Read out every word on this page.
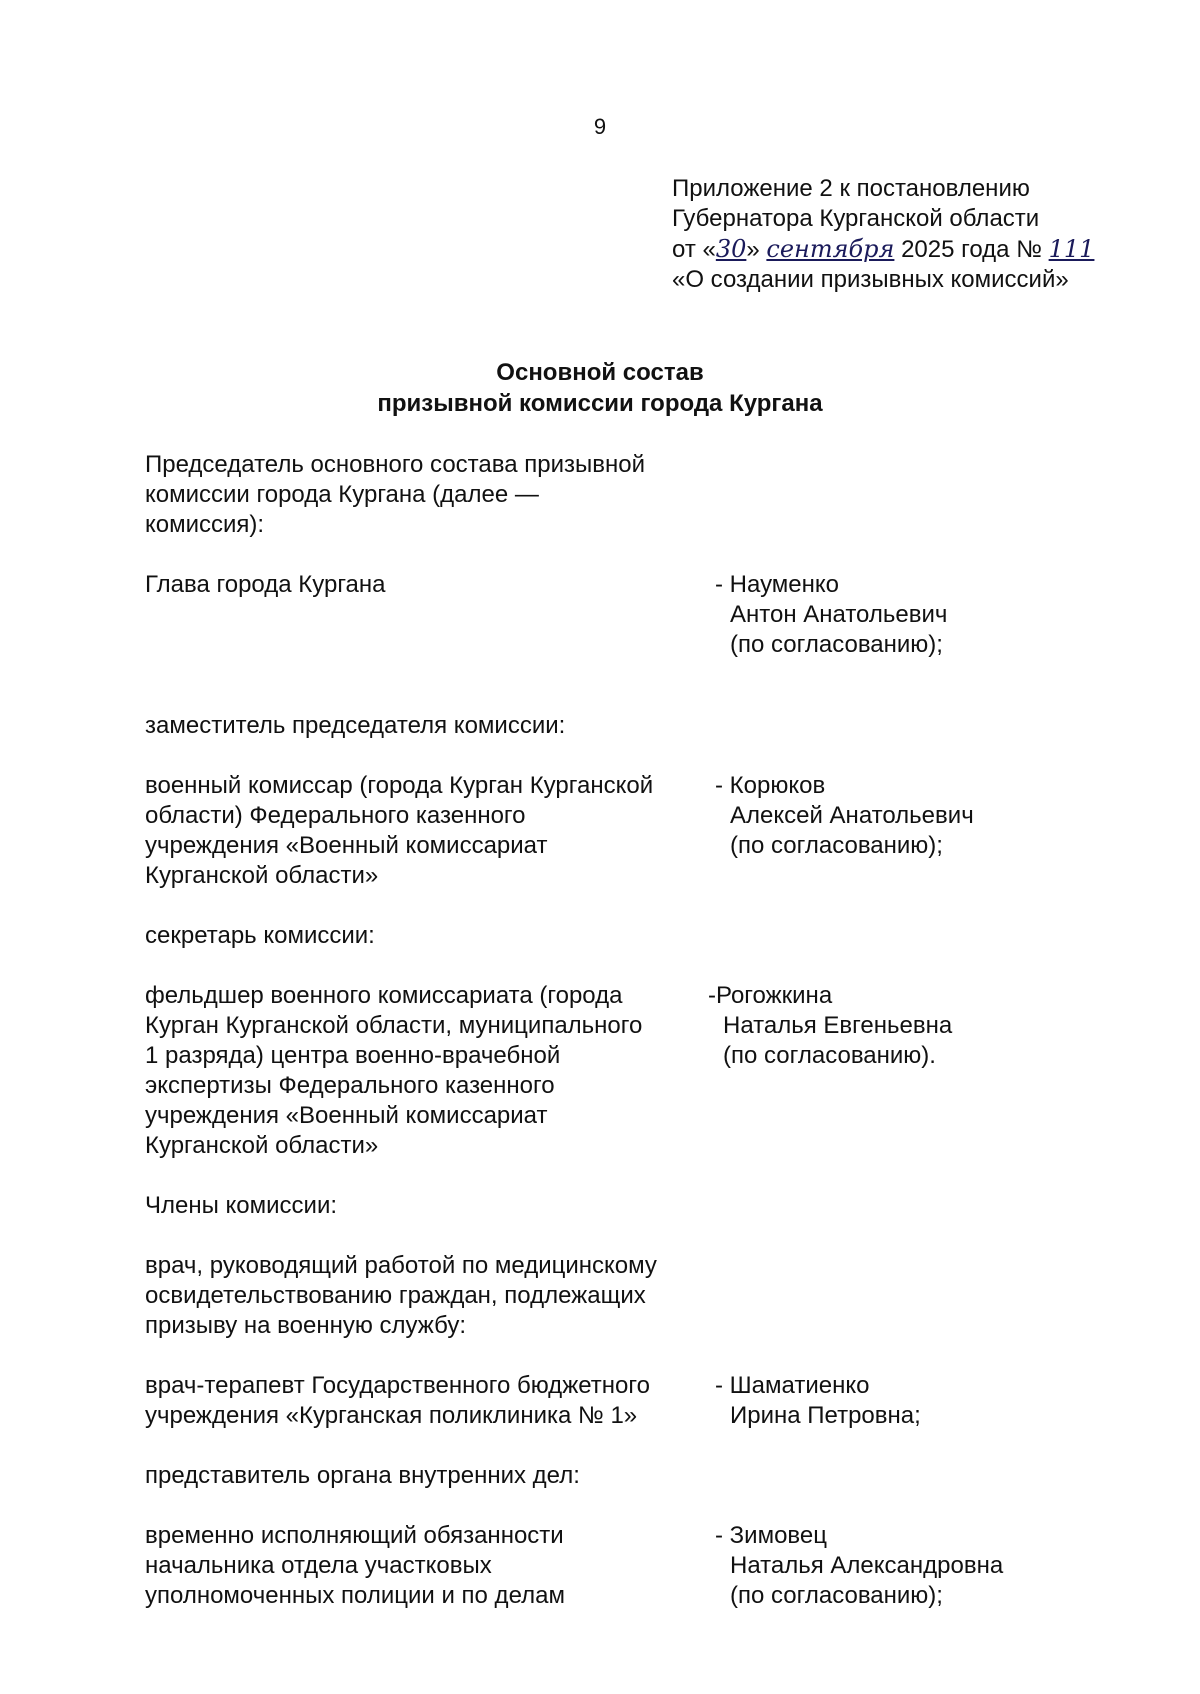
9
Приложение 2 к постановлению
Губернатора Курганской области
от «30» сентября 2025 года № 111
«О создании призывных комиссий»
Основной состав
призывной комиссии города Кургана
Председатель основного состава призывной
комиссии города Кургана (далее —
комиссия):
Глава города Кургана	- Науменко
Антон Анатольевич
(по согласованию);
заместитель председателя комиссии:
военный комиссар (города Курган Курганской
области) Федерального казенного
учреждения «Военный комиссариат
Курганской области»
- Корюков
Алексей Анатольевич
(по согласованию);
секретарь комиссии:
фельдшер военного комиссариата (города
Курган Курганской области, муниципального
1 разряда) центра военно-врачебной
экспертизы Федерального казенного
учреждения «Военный комиссариат
Курганской области»
-Рогожкина
Наталья Евгеньевна
(по согласованию).
Члены комиссии:
врач, руководящий работой по медицинскому
освидетельствованию граждан, подлежащих
призыву на военную службу:
врач-терапевт Государственного бюджетного
учреждения «Курганская поликлиника № 1»
- Шаматиенко
Ирина Петровна;
представитель органа внутренних дел:
временно исполняющий обязанности
начальника отдела участковых
уполномоченных полиции и по делам
- Зимовец
Наталья Александровна
(по согласованию);
